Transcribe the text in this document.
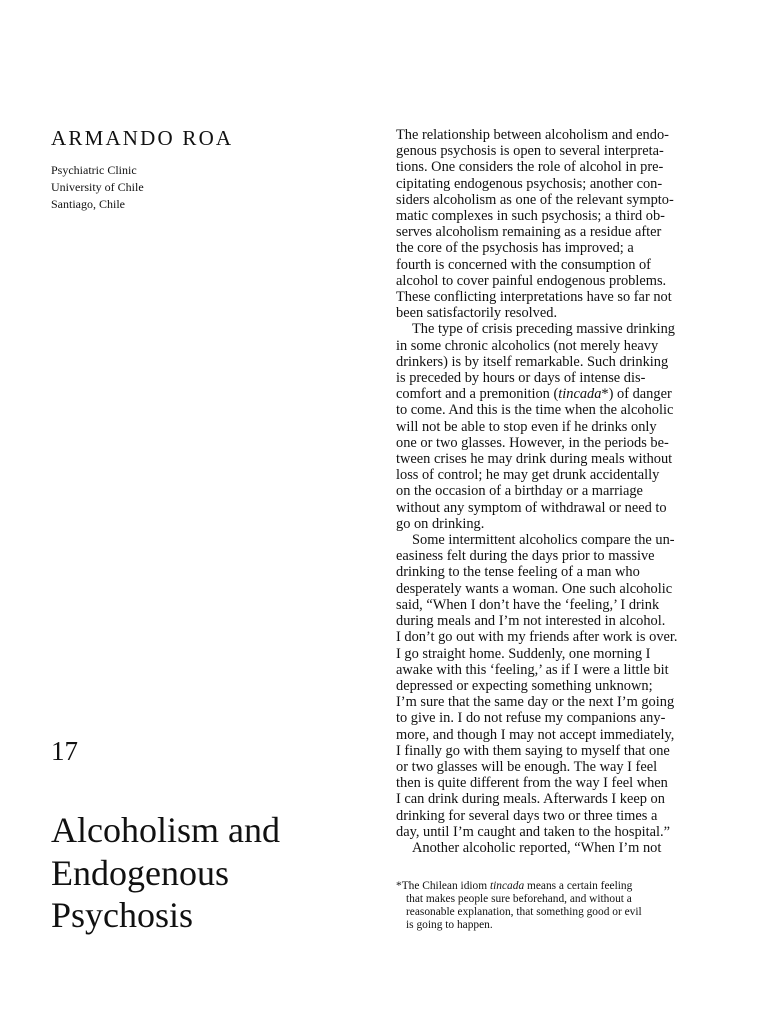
ARMANDO ROA
Psychiatric Clinic
University of Chile
Santiago, Chile
17
Alcoholism and
Endogenous
Psychosis
The relationship between alcoholism and endo-
genous psychosis is open to several interpreta-
tions. One considers the role of alcohol in pre-
cipitating endogenous psychosis; another con-
siders alcoholism as one of the relevant sympto-
matic complexes in such psychosis; a third ob-
serves alcoholism remaining as a residue after
the core of the psychosis has improved; a
fourth is concerned with the consumption of
alcohol to cover painful endogenous problems.
These conflicting interpretations have so far not
been satisfactorily resolved.
The type of crisis preceding massive drinking
in some chronic alcoholics (not merely heavy
drinkers) is by itself remarkable. Such drinking
is preceded by hours or days of intense dis-
comfort and a premonition (tincada*) of danger
to come. And this is the time when the alcoholic
will not be able to stop even if he drinks only
one or two glasses. However, in the periods be-
tween crises he may drink during meals without
loss of control; he may get drunk accidentally
on the occasion of a birthday or a marriage
without any symptom of withdrawal or need to
go on drinking.
Some intermittent alcoholics compare the un-
easiness felt during the days prior to massive
drinking to the tense feeling of a man who
desperately wants a woman. One such alcoholic
said, “When I don’t have the ‘feeling,’ I drink
during meals and I’m not interested in alcohol.
I don’t go out with my friends after work is over.
I go straight home. Suddenly, one morning I
awake with this ‘feeling,’ as if I were a little bit
depressed or expecting something unknown;
I’m sure that the same day or the next I’m going
to give in. I do not refuse my companions any-
more, and though I may not accept immediately,
I finally go with them saying to myself that one
or two glasses will be enough. The way I feel
then is quite different from the way I feel when
I can drink during meals. Afterwards I keep on
drinking for several days two or three times a
day, until I’m caught and taken to the hospital.”
Another alcoholic reported, “When I’m not
*The Chilean idiom tincada means a certain feeling
that makes people sure beforehand, and without a
reasonable explanation, that something good or evil
is going to happen.
